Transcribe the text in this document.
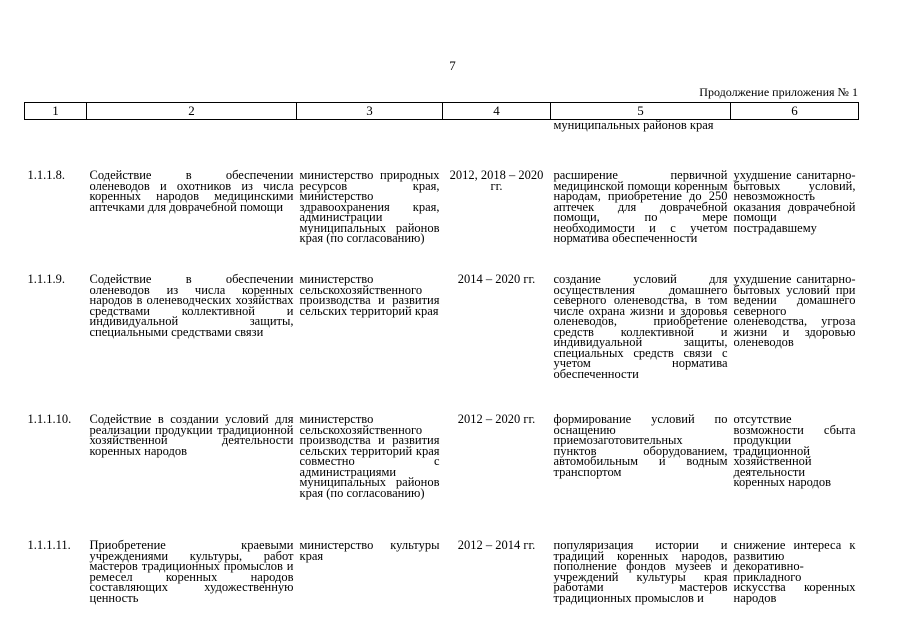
7
Продолжение приложения № 1
1	2	3	4	5	6
				муниципальных районов края	
1.1.1.8.	Содействие в обеспечении оленеводов и охотников из числа коренных народов медицинскими аптечками для доврачебной помощи	министерство природных ресурсов края, министерство здравоохранения края, администрации муниципальных районов края (по согласованию)	2012, 2018 – 2020 гг.	расширение первичной медицинской помощи коренным народам, приобретение до 250 аптечек для доврачебной помощи, по мере необходимости и с учетом норматива обеспеченности	ухудшение санитарно-бытовых условий, невозможность оказания доврачебной помощи пострадавшему
1.1.1.9.	Содействие в обеспечении оленеводов из числа коренных народов в оленеводческих хозяйствах средствами коллективной и индивидуальной защиты, специальными средствами связи	министерство сельскохозяйственного производства и развития сельских территорий края	2014 – 2020 гг.	создание условий для осуществления домашнего северного оленеводства, в том числе охрана жизни и здоровья оленеводов, приобретение средств коллективной и индивидуальной защиты, специальных средств связи с учетом норматива обеспеченности	ухудшение санитарно-бытовых условий при ведении домашнего северного оленеводства, угроза жизни и здоровью оленеводов
1.1.1.10.	Содействие в создании условий для реализации продукции традиционной хозяйственной деятельности коренных народов	министерство сельскохозяйственного производства и развития сельских территорий края совместно с администрациями муниципальных районов края (по согласованию)	2012 – 2020 гг.	формирование условий по оснащению приемозаготовительных пунктов оборудованием, автомобильным и водным транспортом	отсутствие возможности сбыта продукции традиционной хозяйственной деятельности коренных народов
1.1.1.11.	Приобретение краевыми учреждениями культуры, работ мастеров традиционных промыслов и ремесел коренных народов составляющих художественную ценность	министерство культуры края	2012 – 2014 гг.	популяризация истории и традиций коренных народов, пополнение фондов музеев и учреждений культуры края работами мастеров традиционных промыслов и	снижение интереса к развитию декоративно-прикладного искусства коренных народов
